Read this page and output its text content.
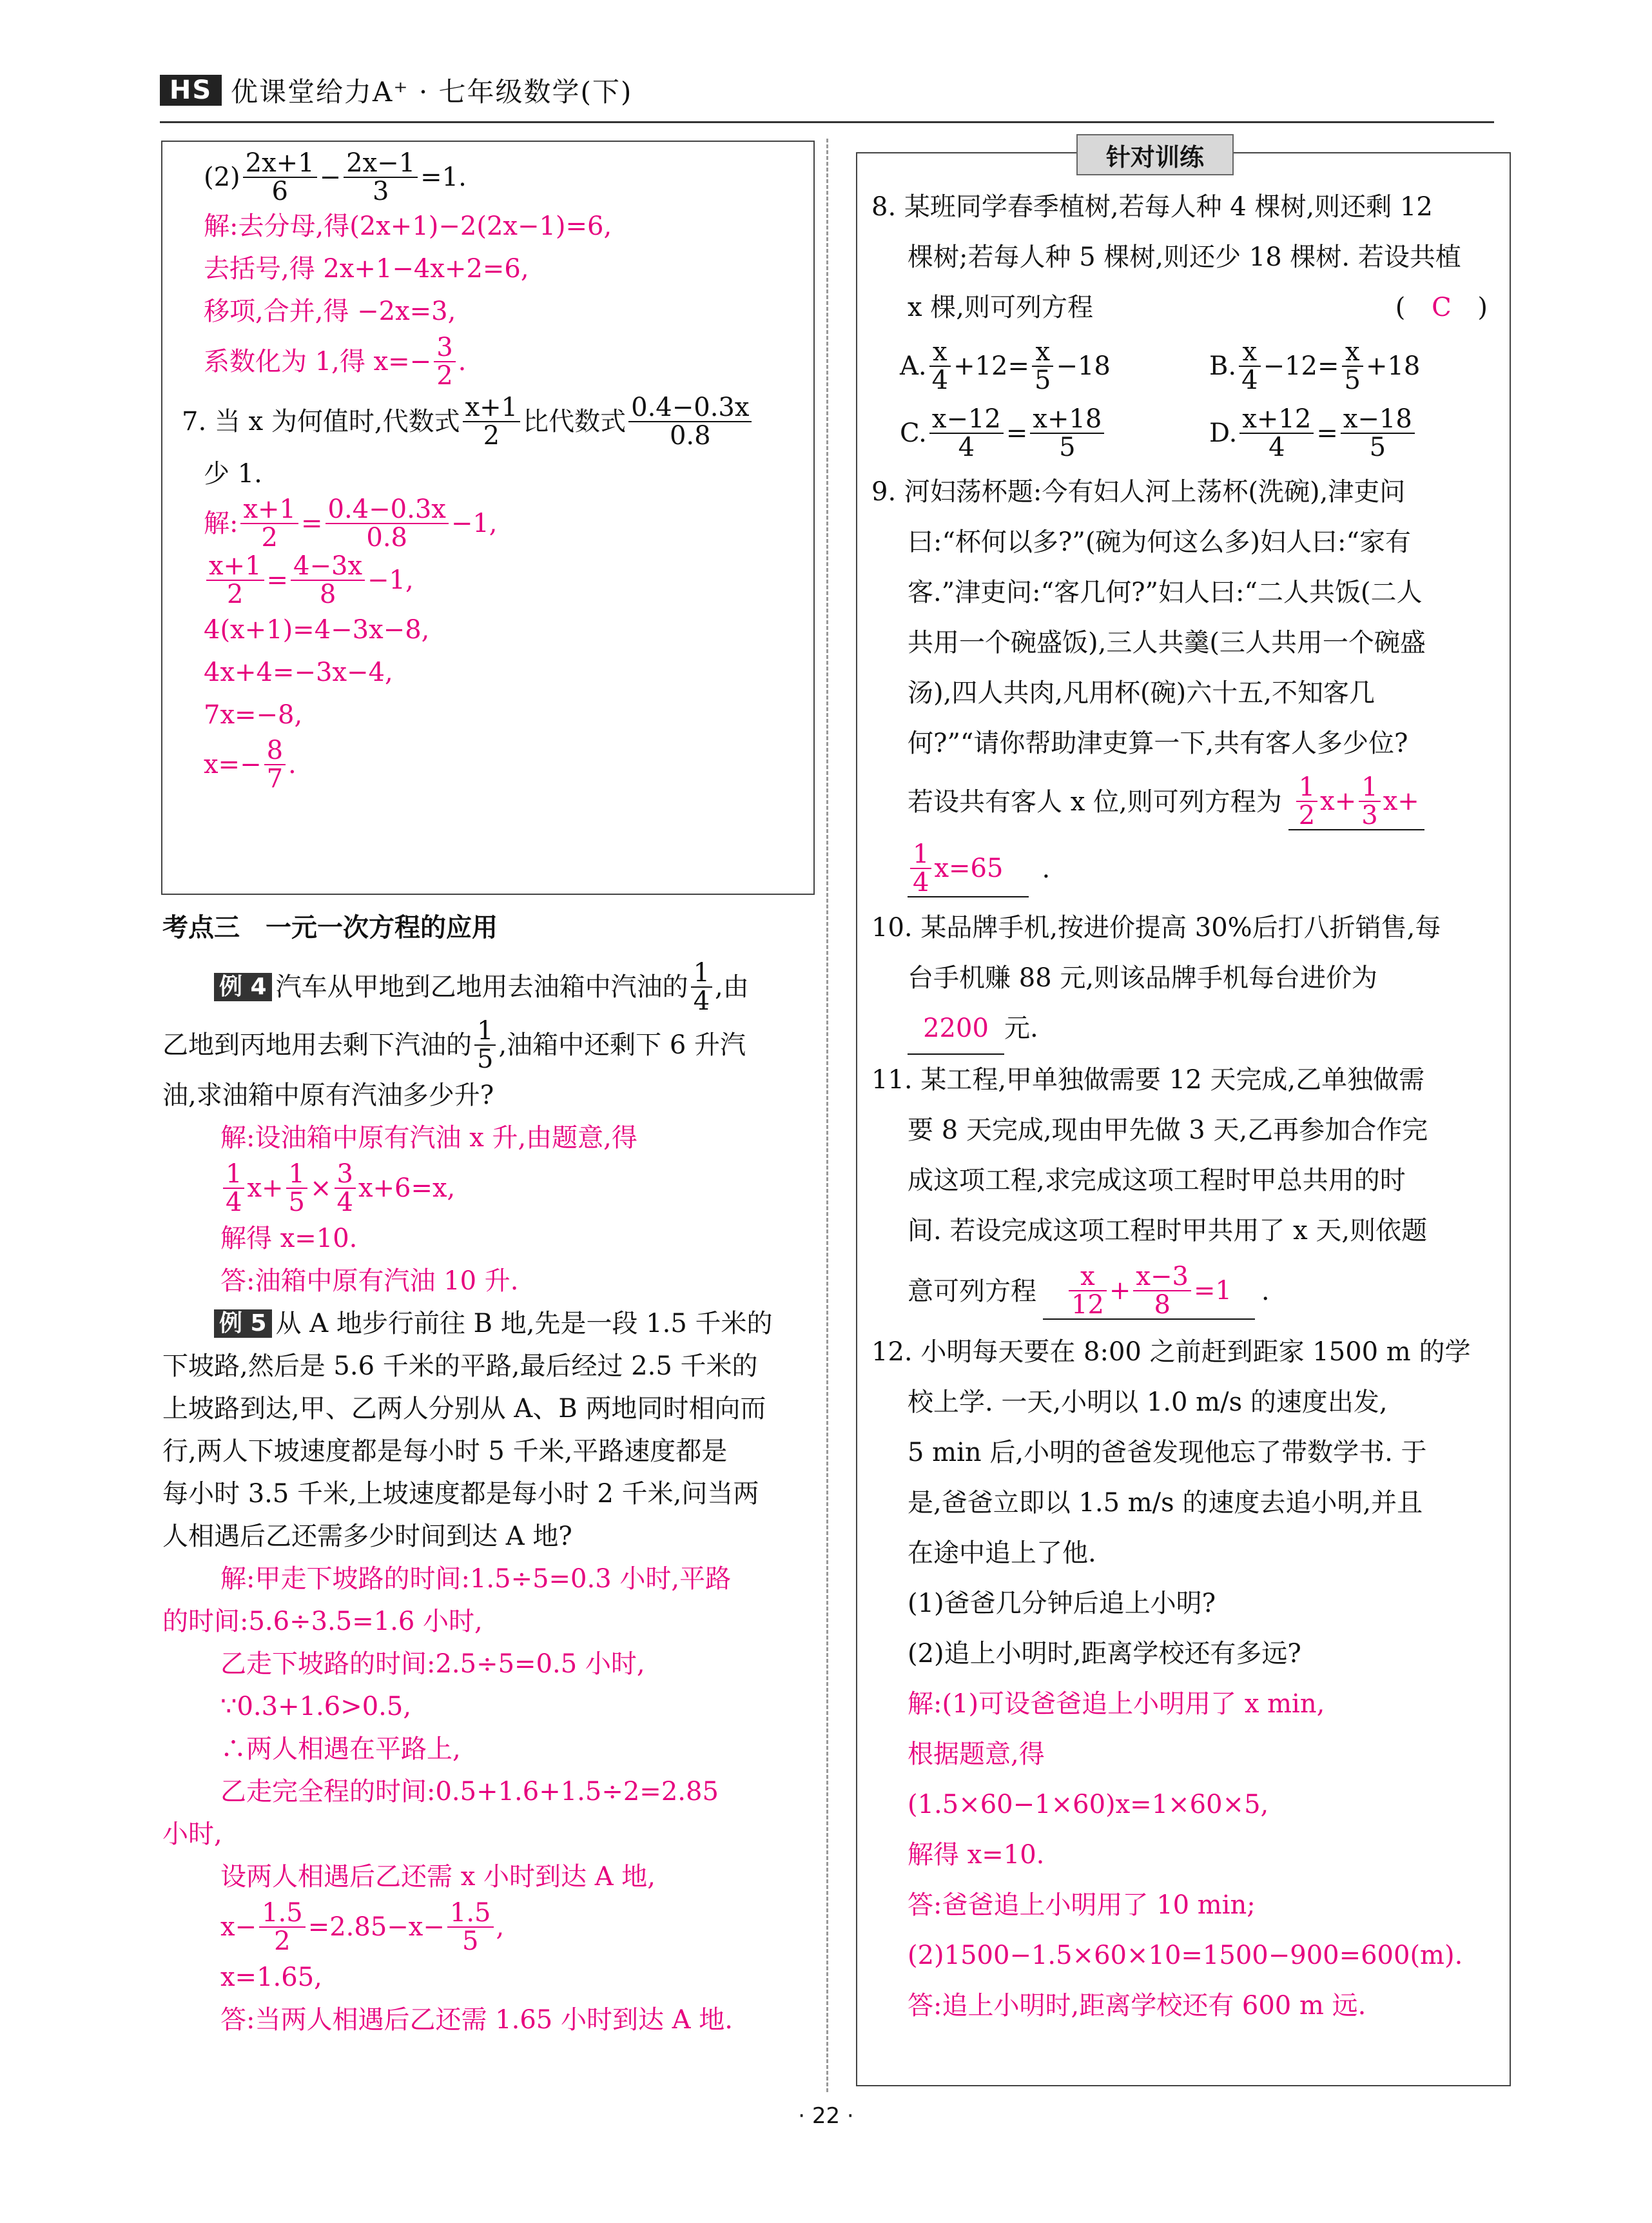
HS 优课堂给力A⁺ · 七年级数学(下)
$(2) \frac{2x+1}{6} - \frac{2x-1}{3} =1$.
解:去分母,得(2x+1)−2(2x−1)=6,
去括号,得 2x+1−4x+2=6,
移项,合并,得 −2x=3,
系数化为 1,得 $x=- \frac{3}{2}$ .
7. 当 x 为何值时,代数式 $\frac{x+1}{2}$ 比代数式 $\frac{0.4-0.3x}{0.8}$
少 1.
解: $\frac{x+1}{2} = \frac{0.4-0.3x}{0.8} -1$,
$\frac{x+1}{2} = \frac{4-3x}{8} -1$,
4(x+1)=4−3x−8,
4x+4=−3x−4,
7x=−8,
$x=- \frac{8}{7}$ .
考点三　一元一次方程的应用
例 4 汽车从甲地到乙地用去油箱中汽油的 $\frac{1}{4}$ ,由
乙地到丙地用去剩下汽油的 $\frac{1}{5}$ ,油箱中还剩下 6 升汽
油,求油箱中原有汽油多少升?
解:设油箱中原有汽油 x 升,由题意,得
$\frac{1}{4} x+ \frac{1}{5} \times \frac{3}{4} x+6=x$,
解得 x=10.
答:油箱中原有汽油 10 升.
例 5 从 A 地步行前往 B 地,先是一段 1.5 千米的
下坡路,然后是 5.6 千米的平路,最后经过 2.5 千米的
上坡路到达,甲、乙两人分别从 A、B 两地同时相向而
行,两人下坡速度都是每小时 5 千米,平路速度都是
每小时 3.5 千米,上坡速度都是每小时 2 千米,问当两
人相遇后乙还需多少时间到达 A 地?
解:甲走下坡路的时间:1.5÷5=0.3 小时,平路
的时间:5.6÷3.5=1.6 小时,
乙走下坡路的时间:2.5÷5=0.5 小时,
∵0.3+1.6>0.5,
∴两人相遇在平路上,
乙走完全程的时间:0.5+1.6+1.5÷2=2.85
小时,
设两人相遇后乙还需 x 小时到达 A 地,
$x- \frac{1.5}{2} =2.85-x- \frac{1.5}{5}$ ,
x=1.65,
答:当两人相遇后乙还需 1.65 小时到达 A 地.
针对训练
8. 某班同学春季植树,若每人种 4 棵树,则还剩 12
棵树;若每人种 5 棵树,则还少 18 棵树. 若设共植
x 棵,则可列方程	( C )
A. $\frac{x}{4} +12= \frac{x}{5} -18$	B. $\frac{x}{4} -12= \frac{x}{5} +18$
C. $\frac{x-12}{4} = \frac{x+18}{5}$	D. $\frac{x+12}{4} = \frac{x-18}{5}$
9. 河妇荡杯题:今有妇人河上荡杯(洗碗),津吏问
曰:“杯何以多?”(碗为何这么多)妇人曰:“家有
客.”津吏问:“客几何?”妇人曰:“二人共饭(二人
共用一个碗盛饭),三人共羹(三人共用一个碗盛
汤),四人共肉,凡用杯(碗)六十五,不知客几
何?”“请你帮助津吏算一下,共有客人多少位?
若设共有客人 x 位,则可列方程为 $\frac{1}{2} x+ \frac{1}{3} x+$
$\frac{1}{4} x=65$ .
10. 某品牌手机,按进价提高 30%后打八折销售,每
台手机赚 88 元,则该品牌手机每台进价为
2200 元.
11. 某工程,甲单独做需要 12 天完成,乙单独做需
要 8 天完成,现由甲先做 3 天,乙再参加合作完
成这项工程,求完成这项工程时甲总共用的时
间. 若设完成这项工程时甲共用了 x 天,则依题
意可列方程 $\frac{x}{12} + \frac{x-3}{8} =1$ .
12. 小明每天要在 8:00 之前赶到距家 1500 m 的学
校上学. 一天,小明以 1.0 m/s 的速度出发,
5 min 后,小明的爸爸发现他忘了带数学书. 于
是,爸爸立即以 1.5 m/s 的速度去追小明,并且
在途中追上了他.
(1)爸爸几分钟后追上小明?
(2)追上小明时,距离学校还有多远?
解:(1)可设爸爸追上小明用了 x min,
根据题意,得
(1.5×60−1×60)x=1×60×5,
解得 x=10.
答:爸爸追上小明用了 10 min;
(2)1500−1.5×60×10=1500−900=600(m).
答:追上小明时,距离学校还有 600 m 远.
· 22 ·
